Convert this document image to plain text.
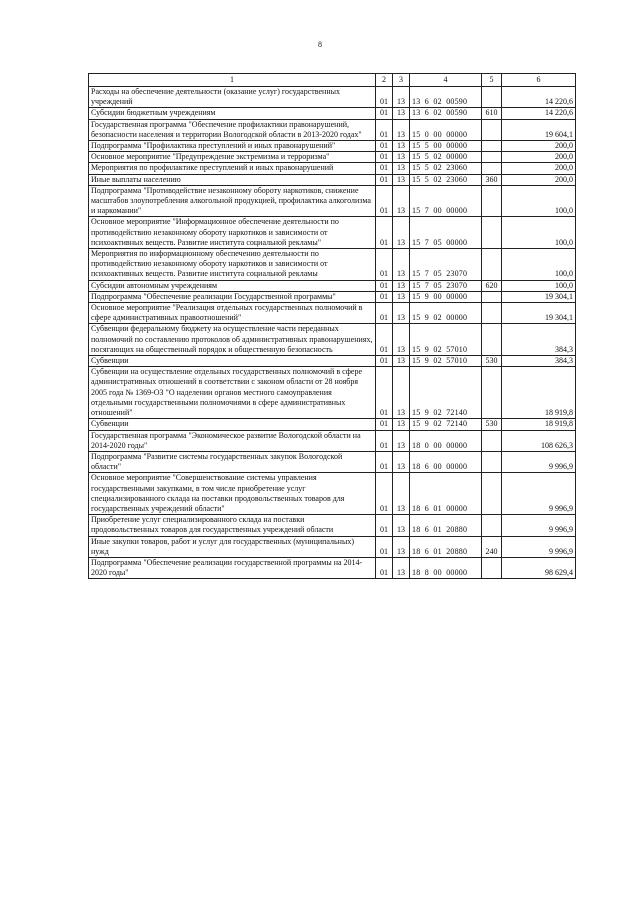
8
1	2	3	4	5	6
Расходы на обеспечение деятельности (оказание услуг) государственных учреждений	01	13	13  6  02  00590		14 220,6
Субсидии бюджетным учреждениям	01	13	13  6  02  00590	610	14 220,6
Государственная программа "Обеспечение профилактики правонарушений, безопасности населения и территории Вологодской области в 2013-2020 годах"	01	13	15  0  00  00000		19 604,1
Подпрограмма "Профилактика преступлений и иных правонарушений"	01	13	15  5  00  00000		200,0
Основное мероприятие "Предупреждение экстремизма и терроризма"	01	13	15  5  02  00000		200,0
Мероприятия по профилактике преступлений и иных правонарушений	01	13	15  5  02  23060		200,0
Иные выплаты населению	01	13	15  5  02  23060	360	200,0
Подпрограмма "Противодействие незаконному обороту наркотиков, снижение масштабов злоупотребления алкогольной продукцией, профилактика алкоголизма и наркомании"	01	13	15  7  00  00000		100,0
Основное мероприятие "Информационное обеспечение деятельности по противодействию незаконному обороту наркотиков и зависимости от психоактивных веществ. Развитие института социальной рекламы"	01	13	15  7  05  00000		100,0
Мероприятия по информационному обеспечению деятельности по противодействию незаконному обороту наркотиков и зависимости от психоактивных веществ. Развитие института социальной рекламы	01	13	15  7  05  23070		100,0
Субсидии автономным учреждениям	01	13	15  7  05  23070	620	100,0
Подпрограмма "Обеспечение реализации Государственной программы"	01	13	15  9  00  00000		19 304,1
Основное мероприятие "Реализация отдельных государственных полномочий в сфере административных правоотношений"	01	13	15  9  02  00000		19 304,1
Субвенции федеральному бюджету на осуществление части переданных полномочий по составлению протоколов об административных правонарушениях, посягающих на общественный порядок и общественную безопасность	01	13	15  9  02  57010		384,3
Субвенции	01	13	15  9  02  57010	530	384,3
Субвенции на осуществление отдельных государственных полномочий в сфере административных отношений в соответствии с законом области от 28 ноября 2005 года № 1369-ОЗ "О наделении органов местного самоуправления отдельными государственными полномочиями в сфере административных отношений"	01	13	15  9  02  72140		18 919,8
Субвенции	01	13	15  9  02  72140	530	18 919,8
Государственная программа "Экономическое развитие Вологодской области на 2014-2020 годы"	01	13	18  0  00  00000		108 626,3
Подпрограмма "Развитие системы государственных закупок Вологодской области"	01	13	18  6  00  00000		9 996,9
Основное мероприятие "Совершенствование системы управления государственными закупками, в том числе приобретение услуг специализированного склада на поставки продовольственных товаров для государственных учреждений области"	01	13	18  6  01  00000		9 996,9
Приобретение услуг специализированного склада на поставки продовольственных товаров для государственных учреждений области	01	13	18  6  01  20880		9 996,9
Иные закупки товаров, работ и услуг для государственных (муниципальных) нужд	01	13	18  6  01  20880	240	9 996,9
Подпрограмма "Обеспечение реализации государственной программы на 2014-2020 годы"	01	13	18  8  00  00000		98 629,4
